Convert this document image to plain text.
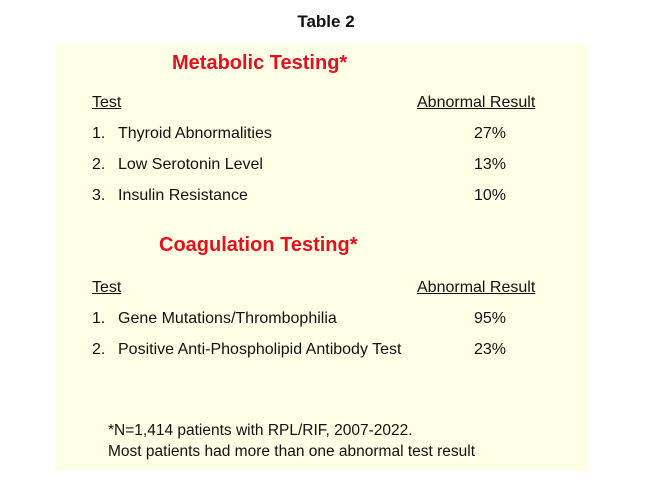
Table 2
Metabolic Testing*
Test	Abnormal Result
1. Thyroid Abnormalities	27%
2. Low Serotonin Level	13%
3. Insulin Resistance	10%
Coagulation Testing*
Test	Abnormal Result
1. Gene Mutations/Thrombophilia	95%
2. Positive Anti-Phospholipid Antibody Test	23%
*N=1,414 patients with RPL/RIF, 2007-2022.
Most patients had more than one abnormal test result
